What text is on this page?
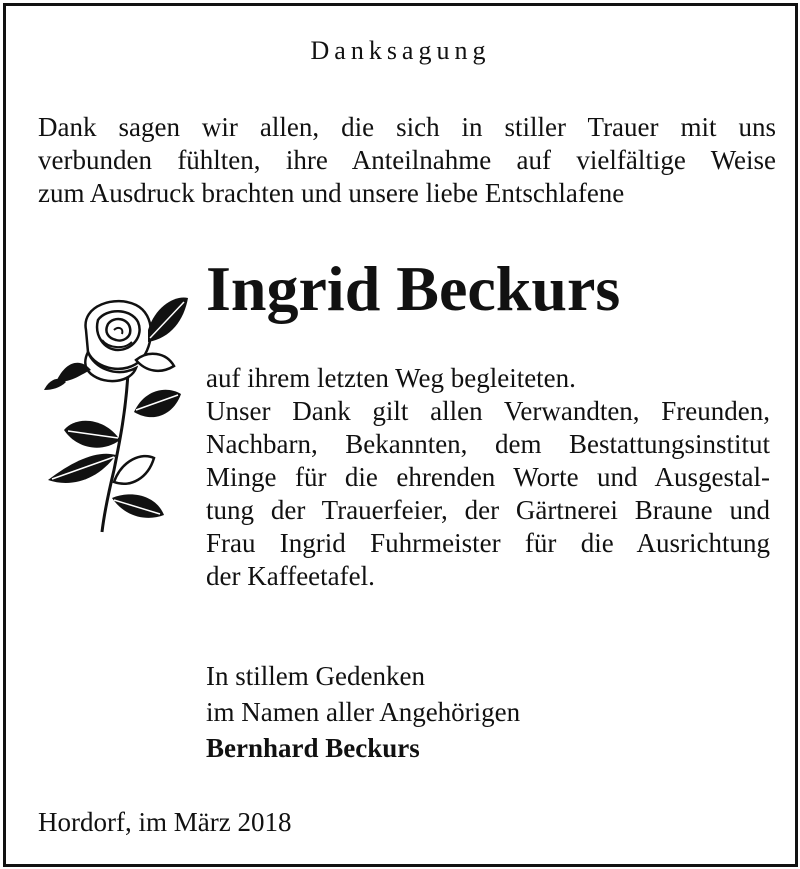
Danksagung
Dank sagen wir allen, die sich in stiller Trauer mit uns
verbunden fühlten, ihre Anteilnahme auf vielfältige Weise
zum Ausdruck brachten und unsere liebe Entschlafene
Ingrid Beckurs
auf ihrem letzten Weg begleiteten.
Unser Dank gilt allen Verwandten, Freunden,
Nachbarn, Bekannten, dem Bestattungsinstitut
Minge für die ehrenden Worte und Ausgestal-
tung der Trauerfeier, der Gärtnerei Braune und
Frau Ingrid Fuhrmeister für die Ausrichtung
der Kaffeetafel.
In stillem Gedenken
im Namen aller Angehörigen
Bernhard Beckurs
Hordorf, im März 2018
